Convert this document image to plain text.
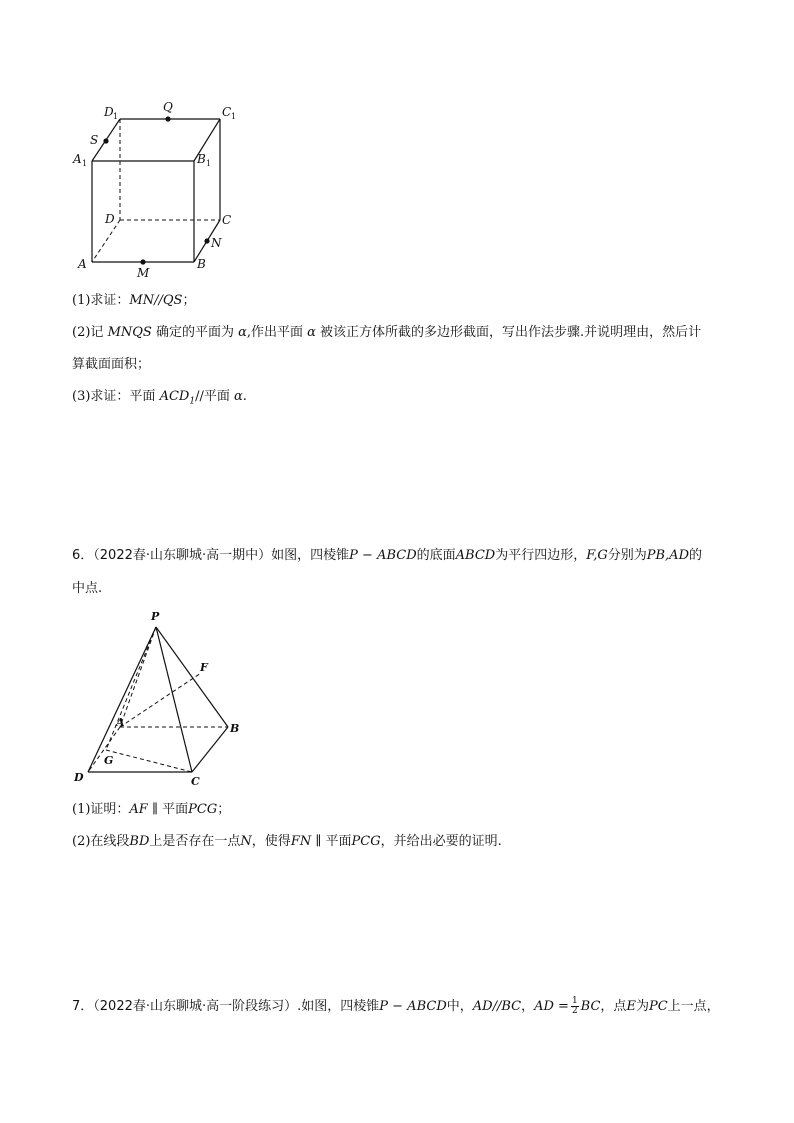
D 1
Q	C 1
S
A 1	B 1
D	C
N
A
M
B
(1)求证：MN//QS；
(2)记 MNQS 确定的平面为 α,作出平面 α 被该正方体所截的多边形截面，写出作法步骤.并说明理由，然后计
算截面面积；
(3)求证：平面 $ACD_1//$平面 α.
6．（2022春·山东聊城·高一期中）如图，四棱锥P − ABCD的底面ABCD为平行四边形，F,G分别为PB,AD的
中点.
P
F
A	B
G
D	C
(1)证明：AF ∥ 平面PCG；
(2)在线段BD上是否存在一点N，使得FN ∥ 平面PCG，并给出必要的证明.
7．（2022春·山东聊城·高一阶段练习）.如图，四棱锥P − ABCD中，AD//BC，AD = $\frac{1}{2}$ BC，点E为PC上一点，
